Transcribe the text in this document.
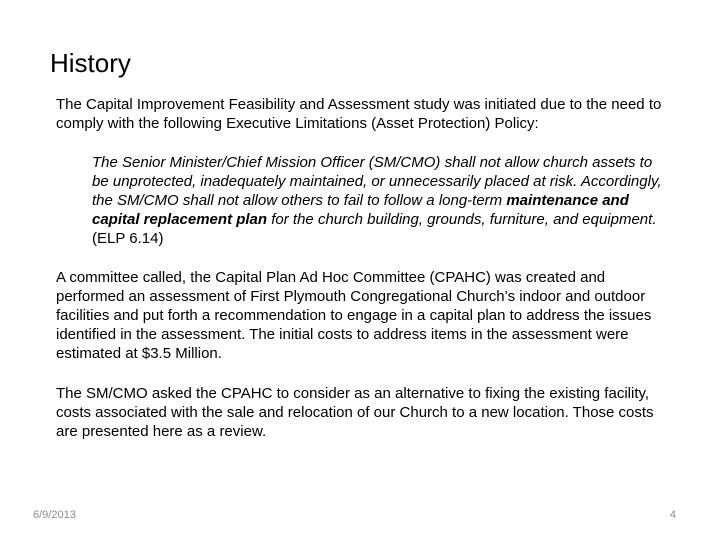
History

The Capital Improvement Feasibility and Assessment study was initiated due to the need to comply with the following Executive Limitations (Asset Protection) Policy:

The Senior Minister/Chief Mission Officer (SM/CMO) shall not allow church assets to be unprotected, inadequately maintained, or unnecessarily placed at risk. Accordingly, the SM/CMO shall not allow others to fail to follow a long-term maintenance and capital replacement plan for the church building, grounds, furniture, and equipment. (ELP 6.14)

A committee called, the Capital Plan Ad Hoc Committee (CPAHC) was created and performed an assessment of First Plymouth Congregational Church’s indoor and outdoor facilities and put forth a recommendation to engage in a capital plan to address the issues identified in the assessment. The initial costs to address items in the assessment were estimated at $3.5 Million.

The SM/CMO asked the CPAHC to consider as an alternative to fixing the existing facility, costs associated with the sale and relocation of our Church to a new location. Those costs are presented here as a review.

6/9/2013	4
